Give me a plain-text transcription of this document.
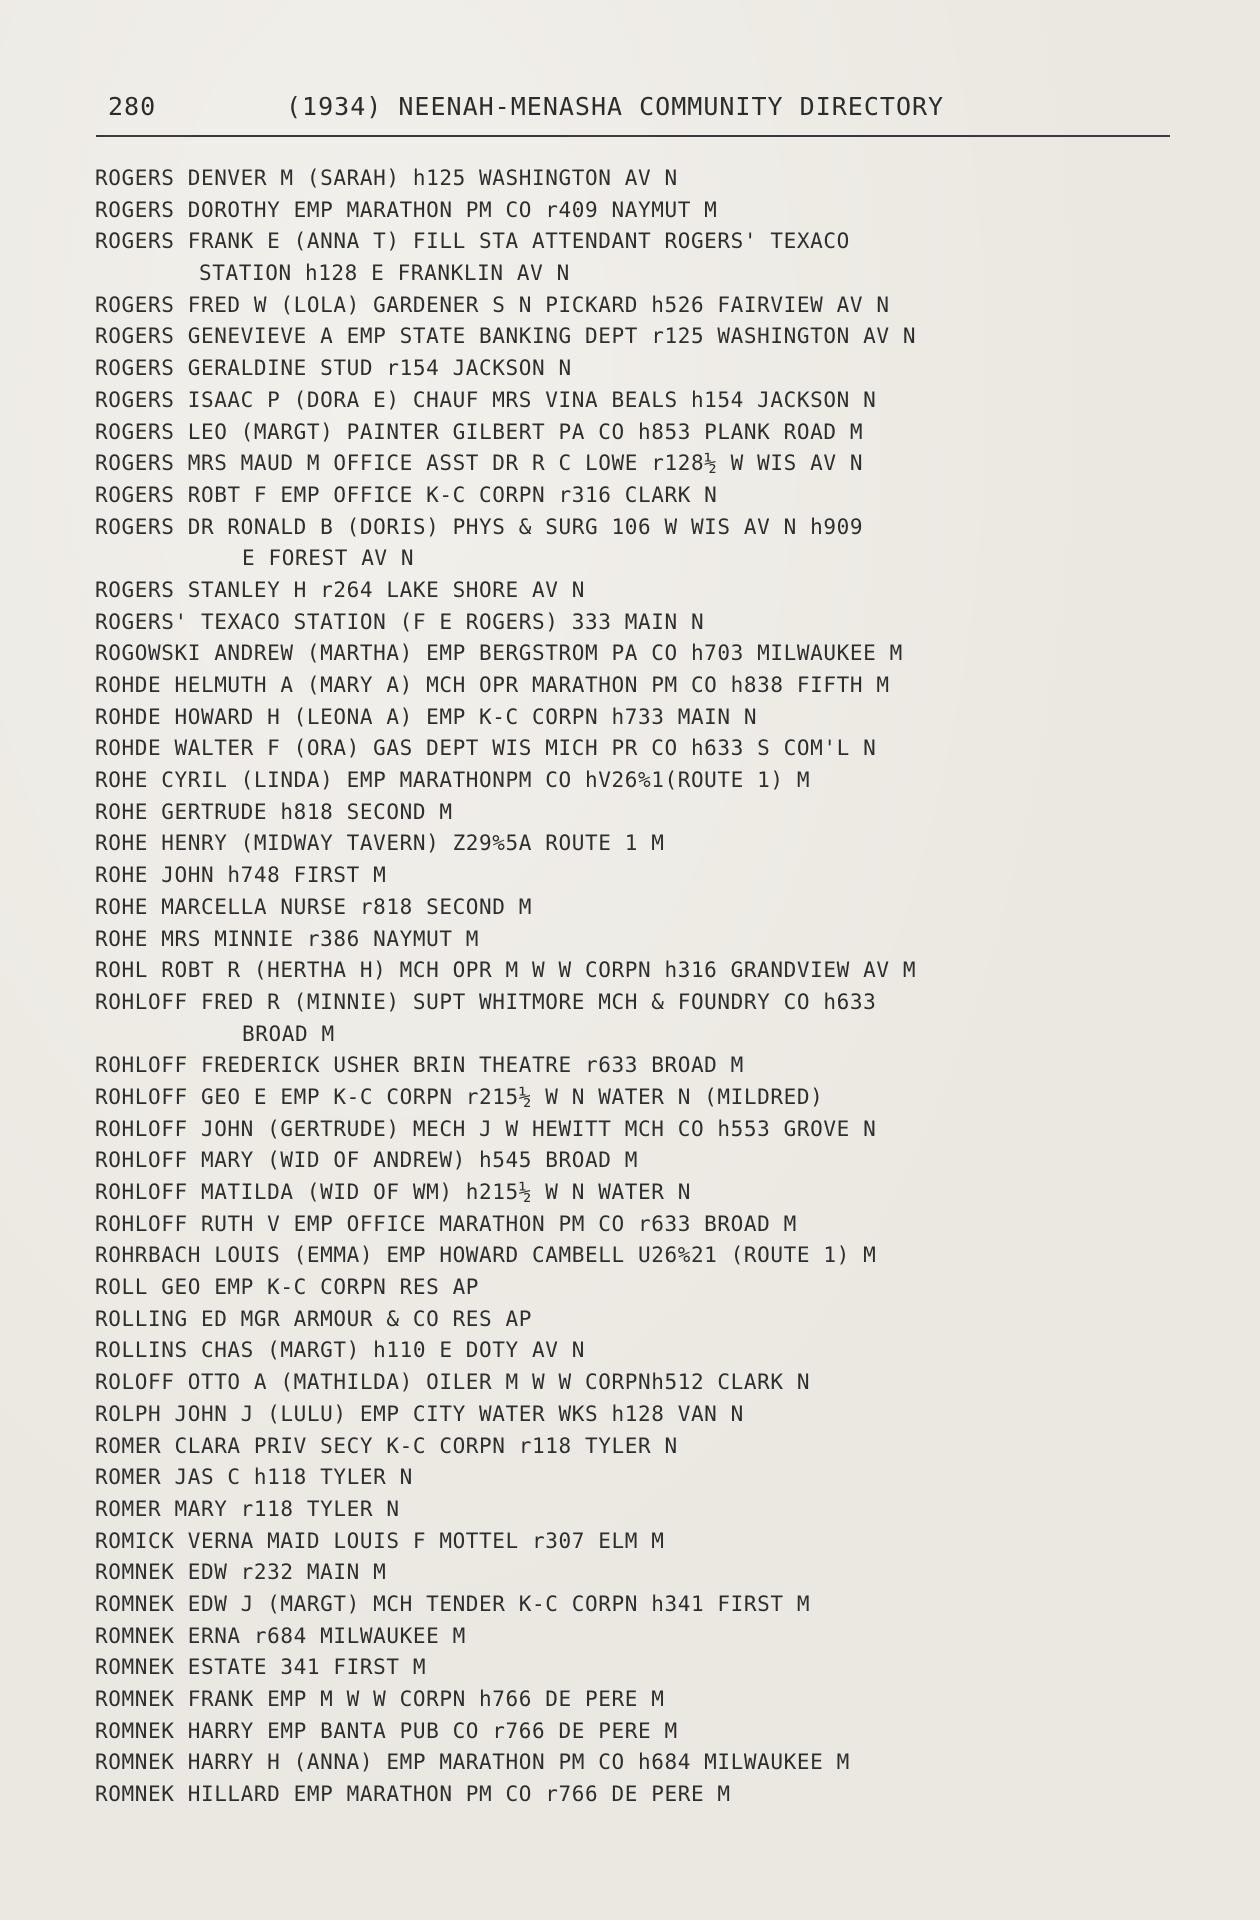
280	(1934) NEENAH-MENASHA COMMUNITY DIRECTORY
ROGERS DENVER M (SARAH) h125 WASHINGTON AV N
ROGERS DOROTHY EMP MARATHON PM CO r409 NAYMUT M
ROGERS FRANK E (ANNA T) FILL STA ATTENDANT ROGERS' TEXACO
STATION h128 E FRANKLIN AV N
ROGERS FRED W (LOLA) GARDENER S N PICKARD h526 FAIRVIEW AV N
ROGERS GENEVIEVE A EMP STATE BANKING DEPT r125 WASHINGTON AV N
ROGERS GERALDINE STUD r154 JACKSON N
ROGERS ISAAC P (DORA E) CHAUF MRS VINA BEALS h154 JACKSON N
ROGERS LEO (MARGT) PAINTER GILBERT PA CO h853 PLANK ROAD M
ROGERS MRS MAUD M OFFICE ASST DR R C LOWE r128½ W WIS AV N
ROGERS ROBT F EMP OFFICE K-C CORPN r316 CLARK N
ROGERS DR RONALD B (DORIS) PHYS & SURG 106 W WIS AV N h909
E FOREST AV N
ROGERS STANLEY H r264 LAKE SHORE AV N
ROGERS' TEXACO STATION (F E ROGERS) 333 MAIN N
ROGOWSKI ANDREW (MARTHA) EMP BERGSTROM PA CO h703 MILWAUKEE M
ROHDE HELMUTH A (MARY A) MCH OPR MARATHON PM CO h838 FIFTH M
ROHDE HOWARD H (LEONA A) EMP K-C CORPN h733 MAIN N
ROHDE WALTER F (ORA) GAS DEPT WIS MICH PR CO h633 S COM'L N
ROHE CYRIL (LINDA) EMP MARATHONPM CO hV26%1(ROUTE 1) M
ROHE GERTRUDE h818 SECOND M
ROHE HENRY (MIDWAY TAVERN) Z29%5A ROUTE 1 M
ROHE JOHN h748 FIRST M
ROHE MARCELLA NURSE r818 SECOND M
ROHE MRS MINNIE r386 NAYMUT M
ROHL ROBT R (HERTHA H) MCH OPR M W W CORPN h316 GRANDVIEW AV M
ROHLOFF FRED R (MINNIE) SUPT WHITMORE MCH & FOUNDRY CO h633
BROAD M
ROHLOFF FREDERICK USHER BRIN THEATRE r633 BROAD M
ROHLOFF GEO E EMP K-C CORPN r215½ W N WATER N (MILDRED)
ROHLOFF JOHN (GERTRUDE) MECH J W HEWITT MCH CO h553 GROVE N
ROHLOFF MARY (WID OF ANDREW) h545 BROAD M
ROHLOFF MATILDA (WID OF WM) h215½ W N WATER N
ROHLOFF RUTH V EMP OFFICE MARATHON PM CO r633 BROAD M
ROHRBACH LOUIS (EMMA) EMP HOWARD CAMBELL U26%21 (ROUTE 1) M
ROLL GEO EMP K-C CORPN RES AP
ROLLING ED MGR ARMOUR & CO RES AP
ROLLINS CHAS (MARGT) h110 E DOTY AV N
ROLOFF OTTO A (MATHILDA) OILER M W W CORPNh512 CLARK N
ROLPH JOHN J (LULU) EMP CITY WATER WKS h128 VAN N
ROMER CLARA PRIV SECY K-C CORPN r118 TYLER N
ROMER JAS C h118 TYLER N
ROMER MARY r118 TYLER N
ROMICK VERNA MAID LOUIS F MOTTEL r307 ELM M
ROMNEK EDW r232 MAIN M
ROMNEK EDW J (MARGT) MCH TENDER K-C CORPN h341 FIRST M
ROMNEK ERNA r684 MILWAUKEE M
ROMNEK ESTATE 341 FIRST M
ROMNEK FRANK EMP M W W CORPN h766 DE PERE M
ROMNEK HARRY EMP BANTA PUB CO r766 DE PERE M
ROMNEK HARRY H (ANNA) EMP MARATHON PM CO h684 MILWAUKEE M
ROMNEK HILLARD EMP MARATHON PM CO r766 DE PERE M
